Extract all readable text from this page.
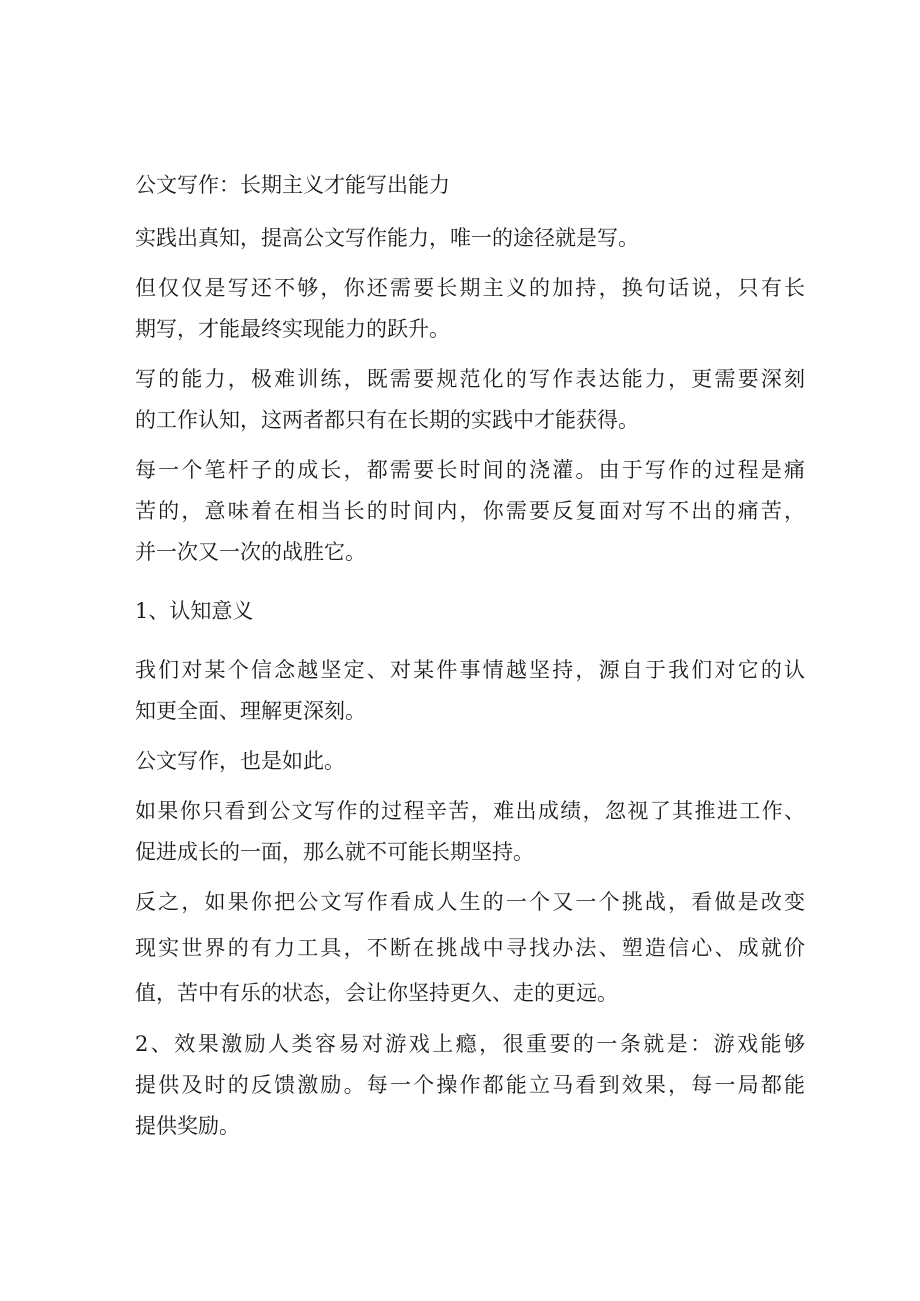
公文写作：长期主义才能写出能力
实践出真知，提高公文写作能力，唯一的途径就是写。
但仅仅是写还不够，你还需要长期主义的加持，换句话说，只有长
期写，才能最终实现能力的跃升。
写的能力，极难训练，既需要规范化的写作表达能力，更需要深刻
的工作认知，这两者都只有在长期的实践中才能获得。
每一个笔杆子的成长，都需要长时间的浇灌。由于写作的过程是痛
苦的，意味着在相当长的时间内，你需要反复面对写不出的痛苦，
并一次又一次的战胜它。
1、认知意义
我们对某个信念越坚定、对某件事情越坚持，源自于我们对它的认
知更全面、理解更深刻。
公文写作，也是如此。
如果你只看到公文写作的过程辛苦，难出成绩，忽视了其推进工作、
促进成长的一面，那么就不可能长期坚持。
反之，如果你把公文写作看成人生的一个又一个挑战，看做是改变
现实世界的有力工具，不断在挑战中寻找办法、塑造信心、成就价
值，苦中有乐的状态，会让你坚持更久、走的更远。
2、效果激励人类容易对游戏上瘾，很重要的一条就是：游戏能够
提供及时的反馈激励。每一个操作都能立马看到效果，每一局都能
提供奖励。
